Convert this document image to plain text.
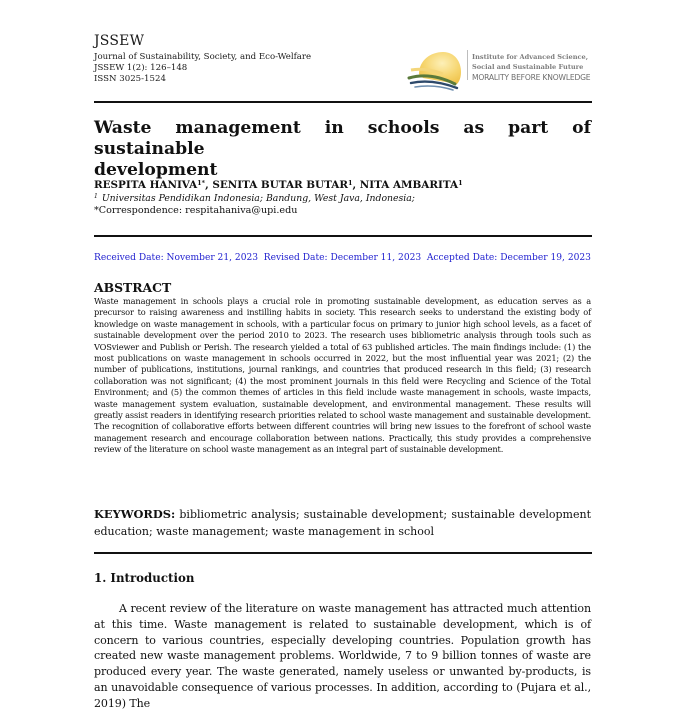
JSSEW
Journal of Sustainability, Society, and Eco-Welfare
JSSEW 1(2): 126–148
ISSN 3025-1524
Institute for Advanced Science,
Social and Sustainable Future
MORALITY BEFORE KNOWLEDGE
Waste management in schools as part of sustainable
development
RESPITA $HANIVA^{1*}$, SENITA BUTAR BUTAR$^1$, NITA AMBARITA$^1$
$^1$ Universitas Pendidikan Indonesia; Bandung, West Java, Indonesia;
*Correspondence: respitahaniva@upi.edu
Received Date: November 21, 2023 Revised Date: December 11, 2023 Accepted Date: December 19, 2023
ABSTRACT
Waste management in schools plays a crucial role in promoting sustainable development, as education serves as a precursor to raising awareness and instilling habits in society. This research seeks to understand the existing body of knowledge on waste management in schools, with a particular focus on primary to junior high school levels, as a facet of sustainable development over the period 2010 to 2023. The research uses bibliometric analysis through tools such as VOSviewer and Publish or Perish. The research yielded a total of 63 published articles. The main findings include: (1) the most publications on waste management in schools occurred in 2022, but the most influential year was 2021; (2) the number of publications, institutions, journal rankings, and countries that produced research in this field; (3) research collaboration was not significant; (4) the most prominent journals in this field were Recycling and Science of the Total Environment; and (5) the common themes of articles in this field include waste management in schools, waste impacts, waste management system evaluation, sustainable development, and environmental management. These results will greatly assist readers in identifying research priorities related to school waste management and sustainable development. The recognition of collaborative efforts between different countries will bring new issues to the forefront of school waste management research and encourage collaboration between nations. Practically, this study provides a comprehensive review of the literature on school waste management as an integral part of sustainable development.
KEYWORDS: bibliometric analysis; sustainable development; sustainable development education; waste management; waste management in school
1. Introduction

A recent review of the literature on waste management has attracted much attention at this time. Waste management is related to sustainable development, which is of concern to various countries, especially developing countries. Population growth has created new waste management problems. Worldwide, 7 to 9 billion tonnes of waste are produced every year. The waste generated, namely useless or unwanted by-products, is an unavoidable consequence of various processes. In addition, according to (Pujara et al., 2019) The
